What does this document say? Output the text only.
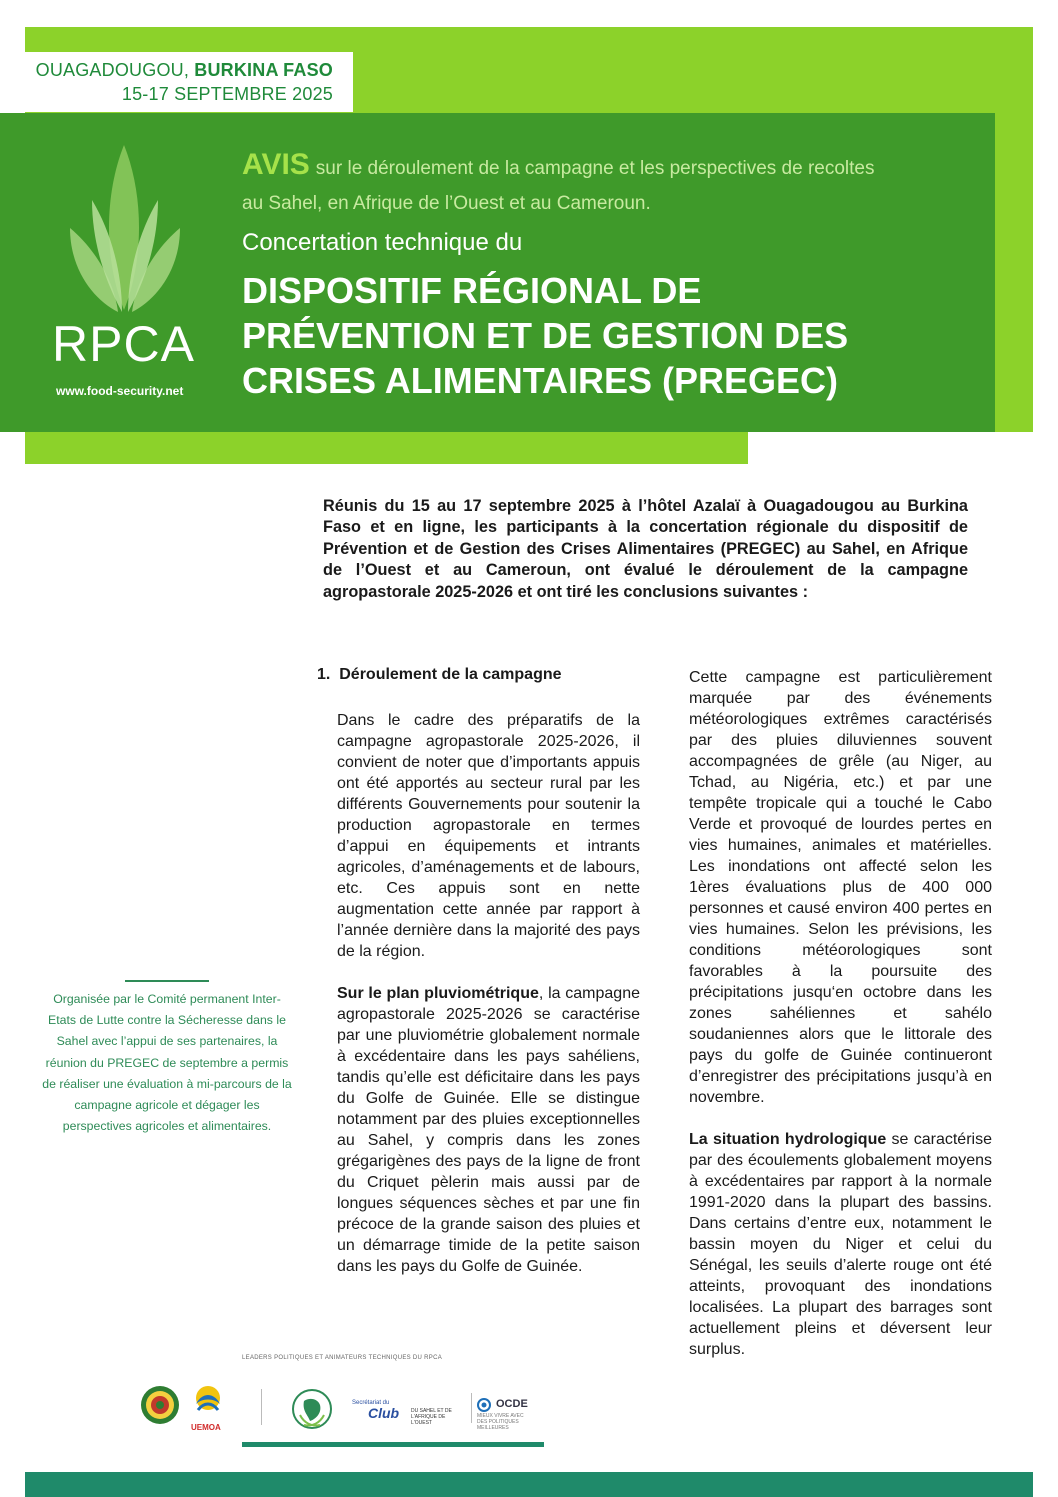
OUAGADOUGOU, BURKINA FASO
15-17 SEPTEMBRE 2025
RPCA
www.food-security.net
AVIS sur le déroulement de la campagne et les perspectives de recoltes
au Sahel, en Afrique de l’Ouest et au Cameroun.
Concertation technique du
DISPOSITIF RÉGIONAL DE
PRÉVENTION ET DE GESTION DES
CRISES ALIMENTAIRES (PREGEC)
Réunis du 15 au 17 septembre 2025 à l’hôtel Azalaï à Ouagadougou au Burkina Faso et en ligne, les participants à la concertation régionale du dispositif de Prévention et de Gestion des Crises Alimentaires (PREGEC) au Sahel, en Afrique de l’Ouest et au Cameroun, ont évalué le déroulement de la campagne agropastorale 2025-2026 et ont tiré les conclusions suivantes :
1. Déroulement de la campagne

Dans le cadre des préparatifs de la campagne agropastorale 2025-2026, il convient de noter que d’importants appuis ont été apportés au secteur rural par les différents Gouvernements pour soutenir la production agropastorale en termes d’appui en équipements et intrants agricoles, d’aménagements et de labours, etc. Ces appuis sont en nette augmentation cette année par rapport à l’année dernière dans la majorité des pays de la région.

Sur le plan pluviométrique, la campagne agropastorale 2025-2026 se caractérise par une pluviométrie globalement normale à excédentaire dans les pays sahéliens, tandis qu’elle est déficitaire dans les pays du Golfe de Guinée. Elle se distingue notamment par des pluies exceptionnelles au Sahel, y compris dans les zones grégarigènes des pays de la ligne de front du Criquet pèlerin mais aussi par de longues séquences sèches et par une fin précoce de la grande saison des pluies et un démarrage timide de la petite saison dans les pays du Golfe de Guinée.

Cette campagne est particulièrement marquée par des événements météorologiques extrêmes caractérisés par des pluies diluviennes souvent accompagnées de grêle (au Niger, au Tchad, au Nigéria, etc.) et par une tempête tropicale qui a touché le Cabo Verde et provoqué de lourdes pertes en vies humaines, animales et matérielles. Les inondations ont affecté selon les 1ères évaluations plus de 400 000 personnes et causé environ 400 pertes en vies humaines. Selon les prévisions, les conditions météorologiques sont favorables à la poursuite des précipitations jusqu‘en octobre dans les zones sahéliennes et sahélo soudaniennes alors que le littorale des pays du golfe de Guinée continueront d’enregistrer des précipitations jusqu’à en novembre.

La situation hydrologique se caractérise par des écoulements globalement moyens à excédentaires par rapport à la normale 1991-2020 dans la plupart des bassins. Dans certains d’entre eux, notamment le bassin moyen du Niger et celui du Sénégal, les seuils d’alerte rouge ont été atteints, provoquant des inondations localisées. La plupart des barrages sont actuellement pleins et déversent leur surplus.

Organisée par le Comité permanent Inter-Etats de Lutte contre la Sécheresse dans le Sahel avec l’appui de ses partenaires, la réunion du PREGEC de septembre a permis de réaliser une évaluation à mi-parcours de la campagne agricole et dégager les perspectives agricoles et alimentaires.
LEADERS POLITIQUES ET ANIMATEURS TECHNIQUES DU RPCA
UEMOA
Secrétariat du
Club DU SAHEL ET DE L'AFRIQUE DE L'OUEST
OCDE
MIEUX VIVRE AVEC DES POLITIQUES MEILLEURES
